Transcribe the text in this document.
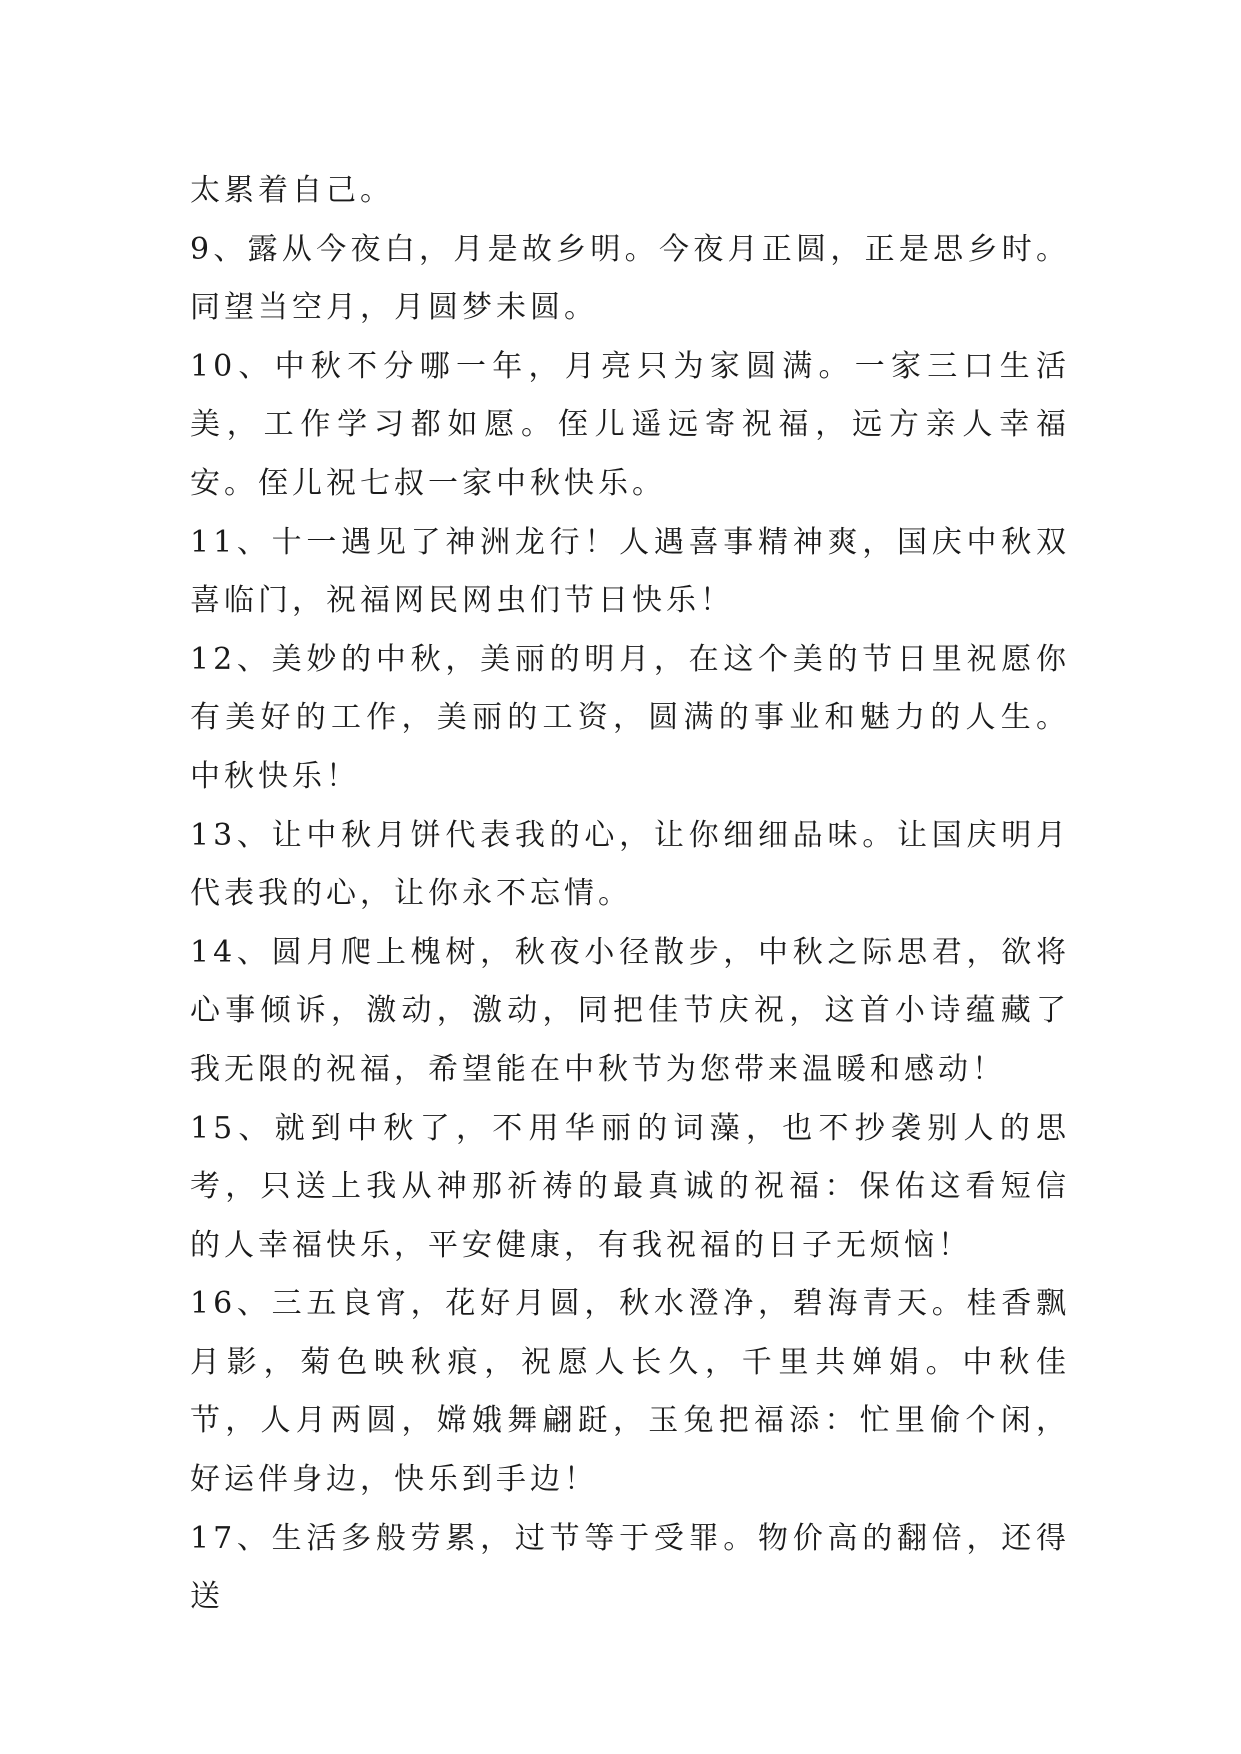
太累着自己。

9、露从今夜白，月是故乡明。今夜月正圆，正是思乡时。同望当空月，月圆梦未圆。

10、中秋不分哪一年，月亮只为家圆满。一家三口生活美，工作学习都如愿。侄儿遥远寄祝福，远方亲人幸福安。侄儿祝七叔一家中秋快乐。

11、十一遇见了神洲龙行！人遇喜事精神爽，国庆中秋双喜临门，祝福网民网虫们节日快乐！

12、美妙的中秋，美丽的明月，在这个美的节日里祝愿你有美好的工作，美丽的工资，圆满的事业和魅力的人生。中秋快乐！

13、让中秋月饼代表我的心，让你细细品味。让国庆明月代表我的心，让你永不忘情。

14、圆月爬上槐树，秋夜小径散步，中秋之际思君，欲将心事倾诉，激动，激动，同把佳节庆祝，这首小诗蕴藏了我无限的祝福，希望能在中秋节为您带来温暖和感动！

15、就到中秋了，不用华丽的词藻，也不抄袭别人的思考，只送上我从神那祈祷的最真诚的祝福：保佑这看短信的人幸福快乐，平安健康，有我祝福的日子无烦恼！

16、三五良宵，花好月圆，秋水澄净，碧海青天。桂香飘月影，菊色映秋痕，祝愿人长久，千里共婵娟。中秋佳节，人月两圆，嫦娥舞翩跹，玉兔把福添：忙里偷个闲，好运伴身边，快乐到手边！

17、生活多般劳累，过节等于受罪。物价高的翻倍，还得送
